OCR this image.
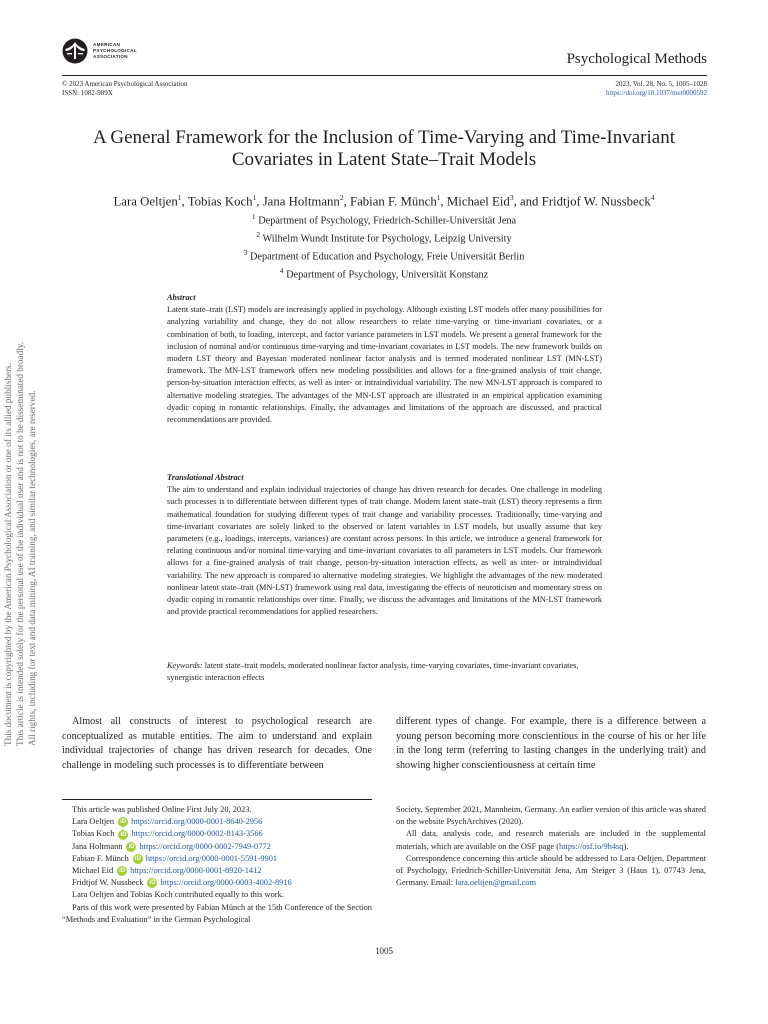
AMERICAN
PSYCHOLOGICAL
ASSOCIATION	Psychological Methods
© 2023 American Psychological Association
ISSN: 1082-989X
2023, Vol. 28, No. 5, 1005–1028
https://doi.org/10.1037/met0000592
A General Framework for the Inclusion of Time-Varying and Time-Invariant
Covariates in Latent State–Trait Models
Lara Oeltjen$^1$, Tobias Koch$^1$, Jana Holtmann$^2$, Fabian F. Münch$^1$, Michael Eid$^3$, and Fridtjof W. Nussbeck$^4$
$^1$ Department of Psychology, Friedrich-Schiller-Universität Jena
$^2$ Wilhelm Wundt Institute for Psychology, Leipzig University
$^3$ Department of Education and Psychology, Freie Universität Berlin
$^4$ Department of Psychology, Universität Konstanz
This document is copyrighted by the American Psychological Association or one of its allied publishers. This article is intended solely for the personal use of the individual user and is not to be disseminated broadly. All rights, including for text and data mining, AI training, and similar technologies, are reserved.
Abstract
Latent state–trait (LST) models are increasingly applied in psychology. Although existing LST models offer many possibilities for analyzing variability and change, they do not allow researchers to relate time-varying or time-invariant covariates, or a combination of both, to loading, intercept, and factor variance parameters in LST models. We present a general framework for the inclusion of nominal and/or continuous time-varying and time-invariant covariates in LST models. The new framework builds on modern LST theory and Bayesian moderated nonlinear factor analysis and is termed moderated nonlinear LST (MN-LST) framework. The MN-LST framework offers new modeling possibilities and allows for a fine-grained analysis of trait change, person-by-situation interaction effects, as well as inter- or intraindividual variability. The new MN-LST approach is compared to alternative modeling strategies. The advantages of the MN-LST approach are illustrated in an empirical application examining dyadic coping in romantic relationships. Finally, the advantages and limitations of the approach are discussed, and practical recommendations are provided.
Translational Abstract
The aim to understand and explain individual trajectories of change has driven research for decades. One challenge in modeling such processes is to differentiate between different types of trait change. Modern latent state–trait (LST) theory represents a firm mathematical foundation for studying different types of trait change and variability processes. Traditionally, time-varying and time-invariant covariates are solely linked to the observed or latent variables in LST models, but usually assume that key parameters (e.g., loadings, intercepts, variances) are constant across persons. In this article, we introduce a general framework for relating continuous and/or nominal time-varying and time-invariant covariates to all parameters in LST models. Our framework allows for a fine-grained analysis of trait change, person-by-situation interaction effects, as well as inter- or intraindividual variability. The new approach is compared to alternative modeling strategies. We highlight the advantages of the new moderated nonlinear latent state–trait (MN-LST) framework using real data, investigating the effects of neuroticism and momentary stress on dyadic coping in romantic relationships over time. Finally, we discuss the advantages and limitations of the MN-LST framework and provide practical recommendations for applied researchers.
Keywords: latent state–trait models, moderated nonlinear factor analysis, time-varying covariates, time-invariant covariates, synergistic interaction effects
Almost all constructs of interest to psychological research are conceptualized as mutable entities. The aim to understand and explain individual trajectories of change has driven research for decades. One challenge in modeling such processes is to differentiate between
different types of change. For example, there is a difference between a young person becoming more conscientious in the course of his or her life in the long term (referring to lasting changes in the underlying trait) and showing higher conscientiousness at certain time
This article was published Online First July 20, 2023.
Lara Oeltjen	iD https://orcid.org/0000-0001-8640-2956
Tobias Koch	iD https://orcid.org/0000-0002-8143-3566
Jana Holtmann	iD https://orcid.org/0000-0002-7949-0772
Fabian F. Münch	iD https://orcid.org/0000-0001-5591-9901
Michael Eid	iD https://orcid.org/0000-0001-8920-1412
Fridtjof W. Nussbeck	iD https://orcid.org/0000-0003-4002-8916
Lara Oeltjen and Tobias Koch contributed equally to this work.
Parts of this work were presented by Fabian Münch at the 15th Conference of the Section “Methods and Evaluation” in the German Psychological
Society, September 2021, Mannheim, Germany. An earlier version of this article was shared on the website PsychArchives (2020).
All data, analysis code, and research materials are included in the supplemental materials, which are available on the OSF page (https://osf.io/9h4sq).
Correspondence concerning this article should be addressed to Lara Oeltjen, Department of Psychology, Friedrich-Schiller-Universität Jena, Am Steiger 3 (Haus 1), 07743 Jena, Germany. Email: lara.oeltjen@gmail.com
1005
